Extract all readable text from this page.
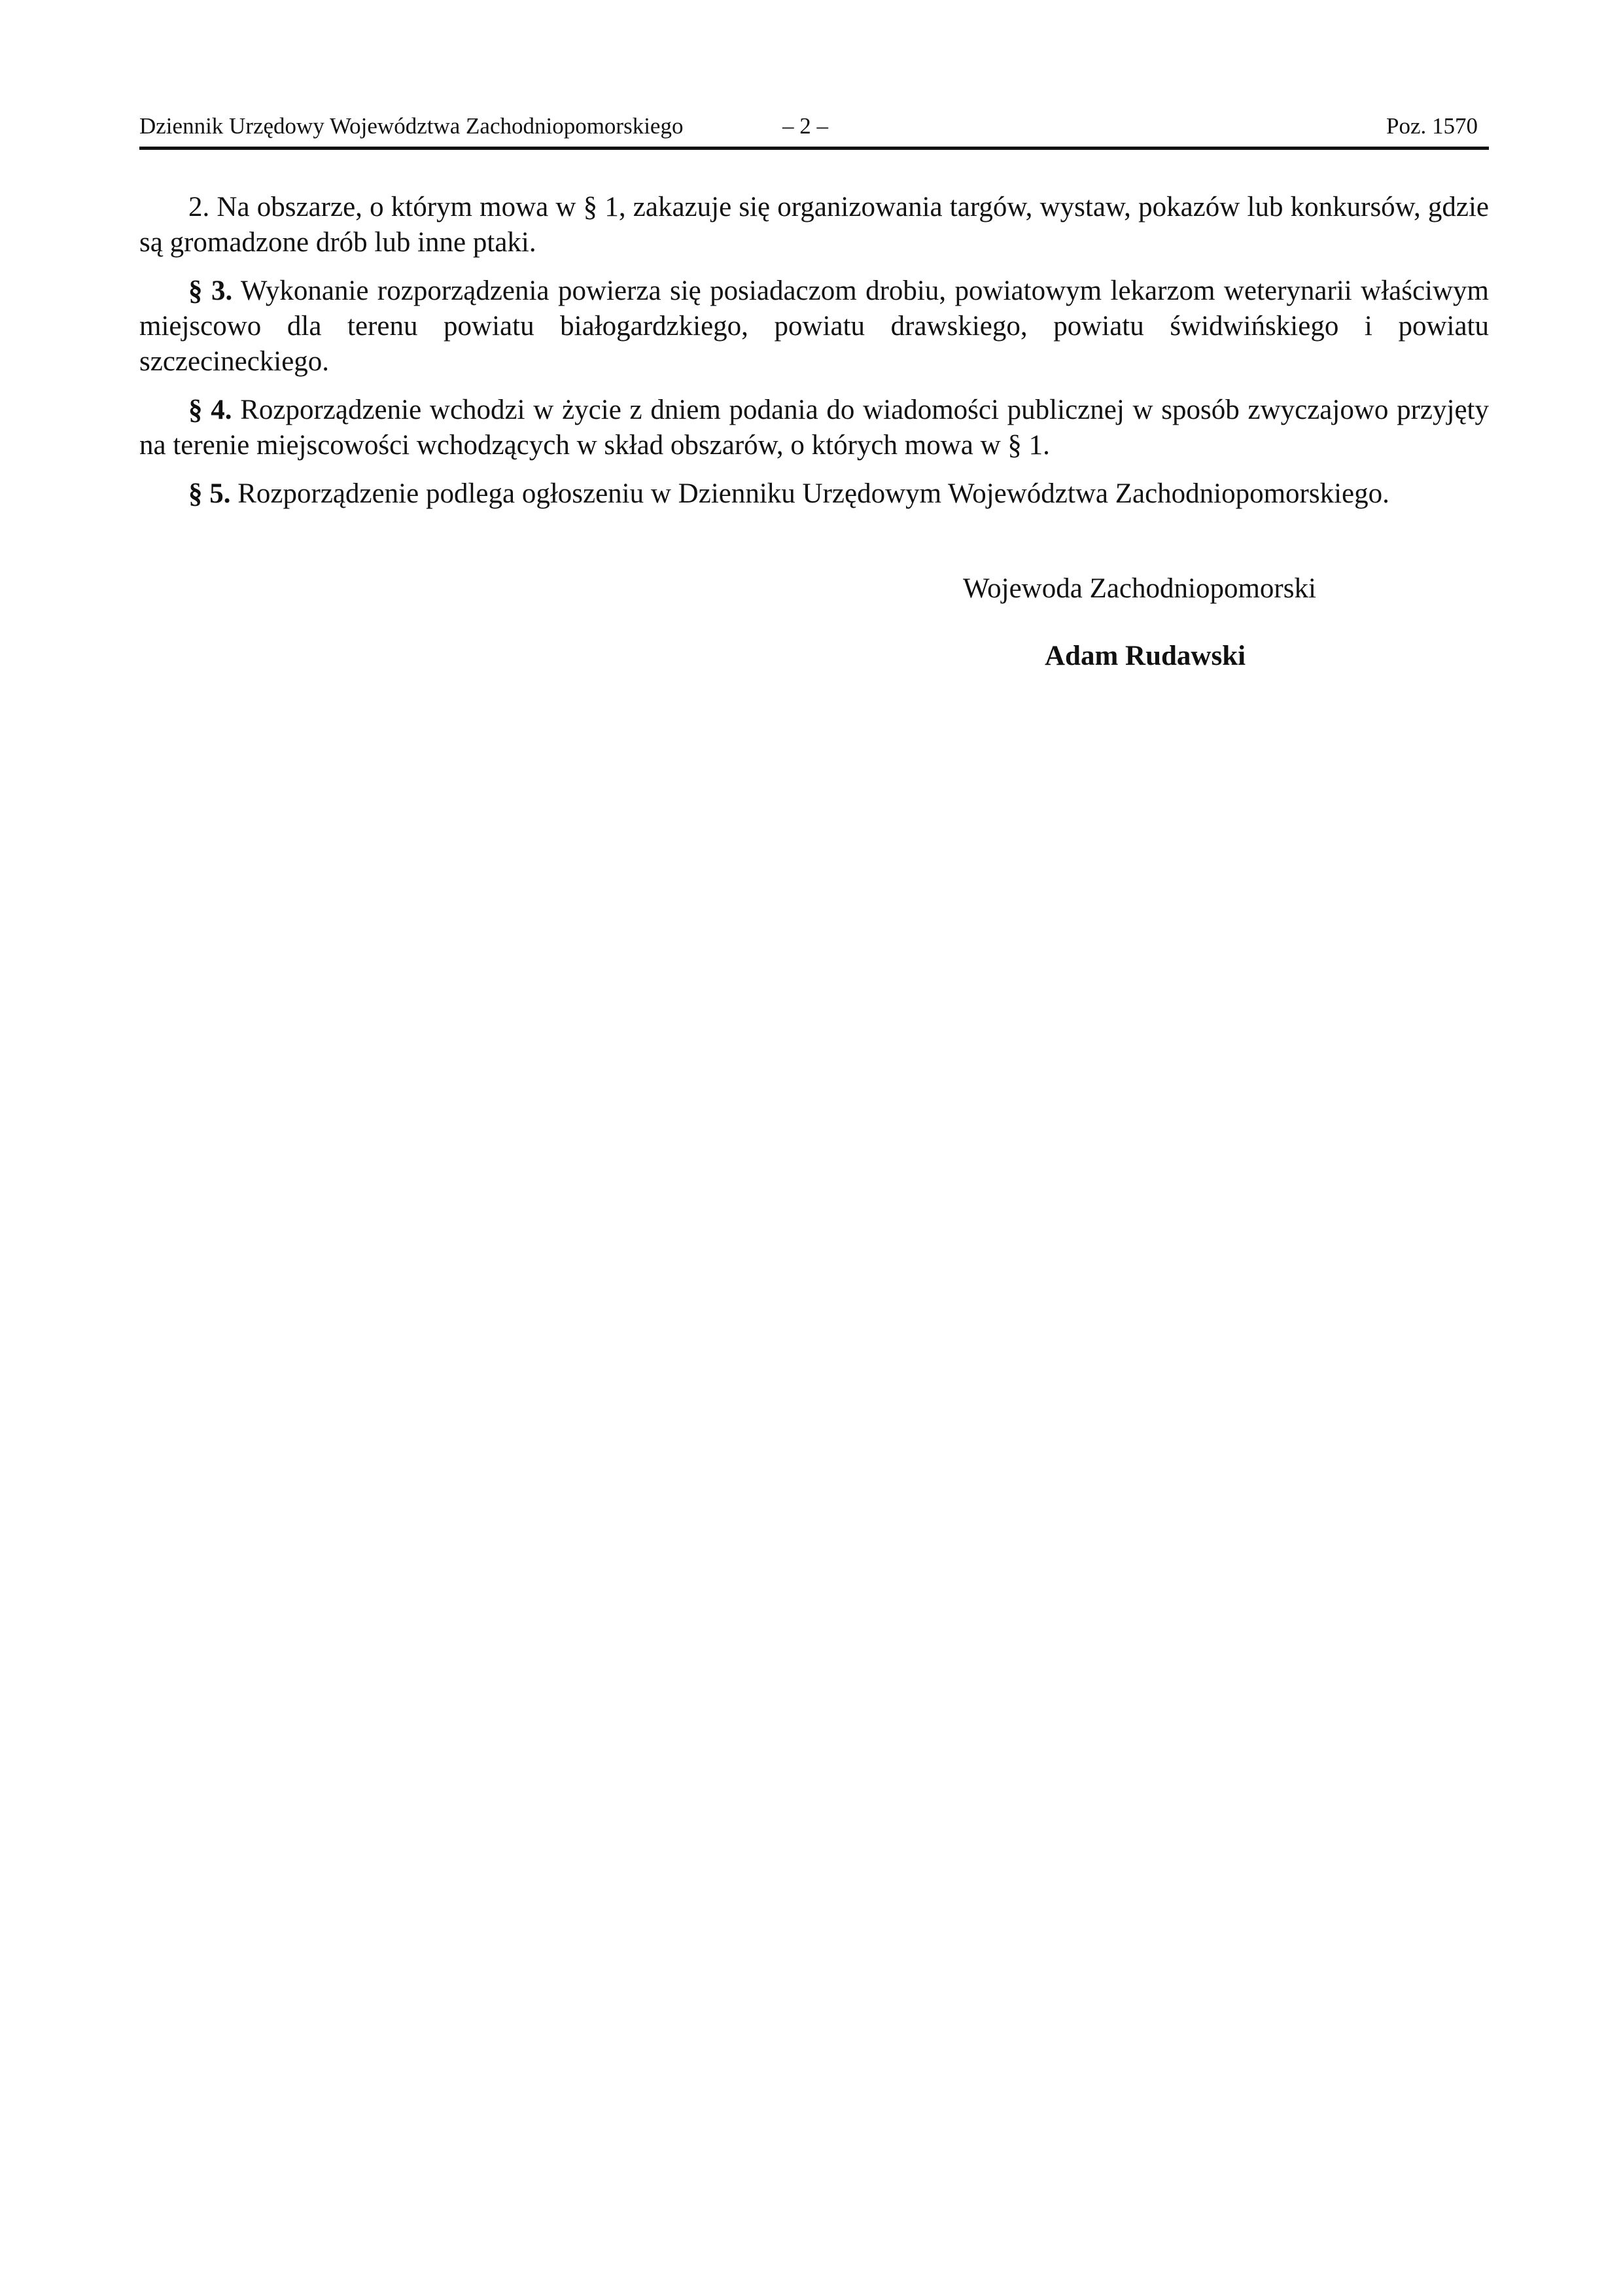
Dziennik Urzędowy Województwa Zachodniopomorskiego	– 2 –	Poz. 1570

2. Na obszarze, o którym mowa w § 1, zakazuje się organizowania targów, wystaw, pokazów lub konkursów, gdzie są gromadzone drób lub inne ptaki.

§ 3. Wykonanie rozporządzenia powierza się posiadaczom drobiu, powiatowym lekarzom weterynarii właściwym miejscowo dla terenu powiatu białogardzkiego, powiatu drawskiego, powiatu świdwińskiego i powiatu szczecineckiego.

§ 4. Rozporządzenie wchodzi w życie z dniem podania do wiadomości publicznej w sposób zwyczajowo przyjęty na terenie miejscowości wchodzących w skład obszarów, o których mowa w § 1.

§ 5. Rozporządzenie podlega ogłoszeniu w Dzienniku Urzędowym Województwa Zachodniopomorskiego.

Wojewoda Zachodniopomorski
Adam Rudawski
